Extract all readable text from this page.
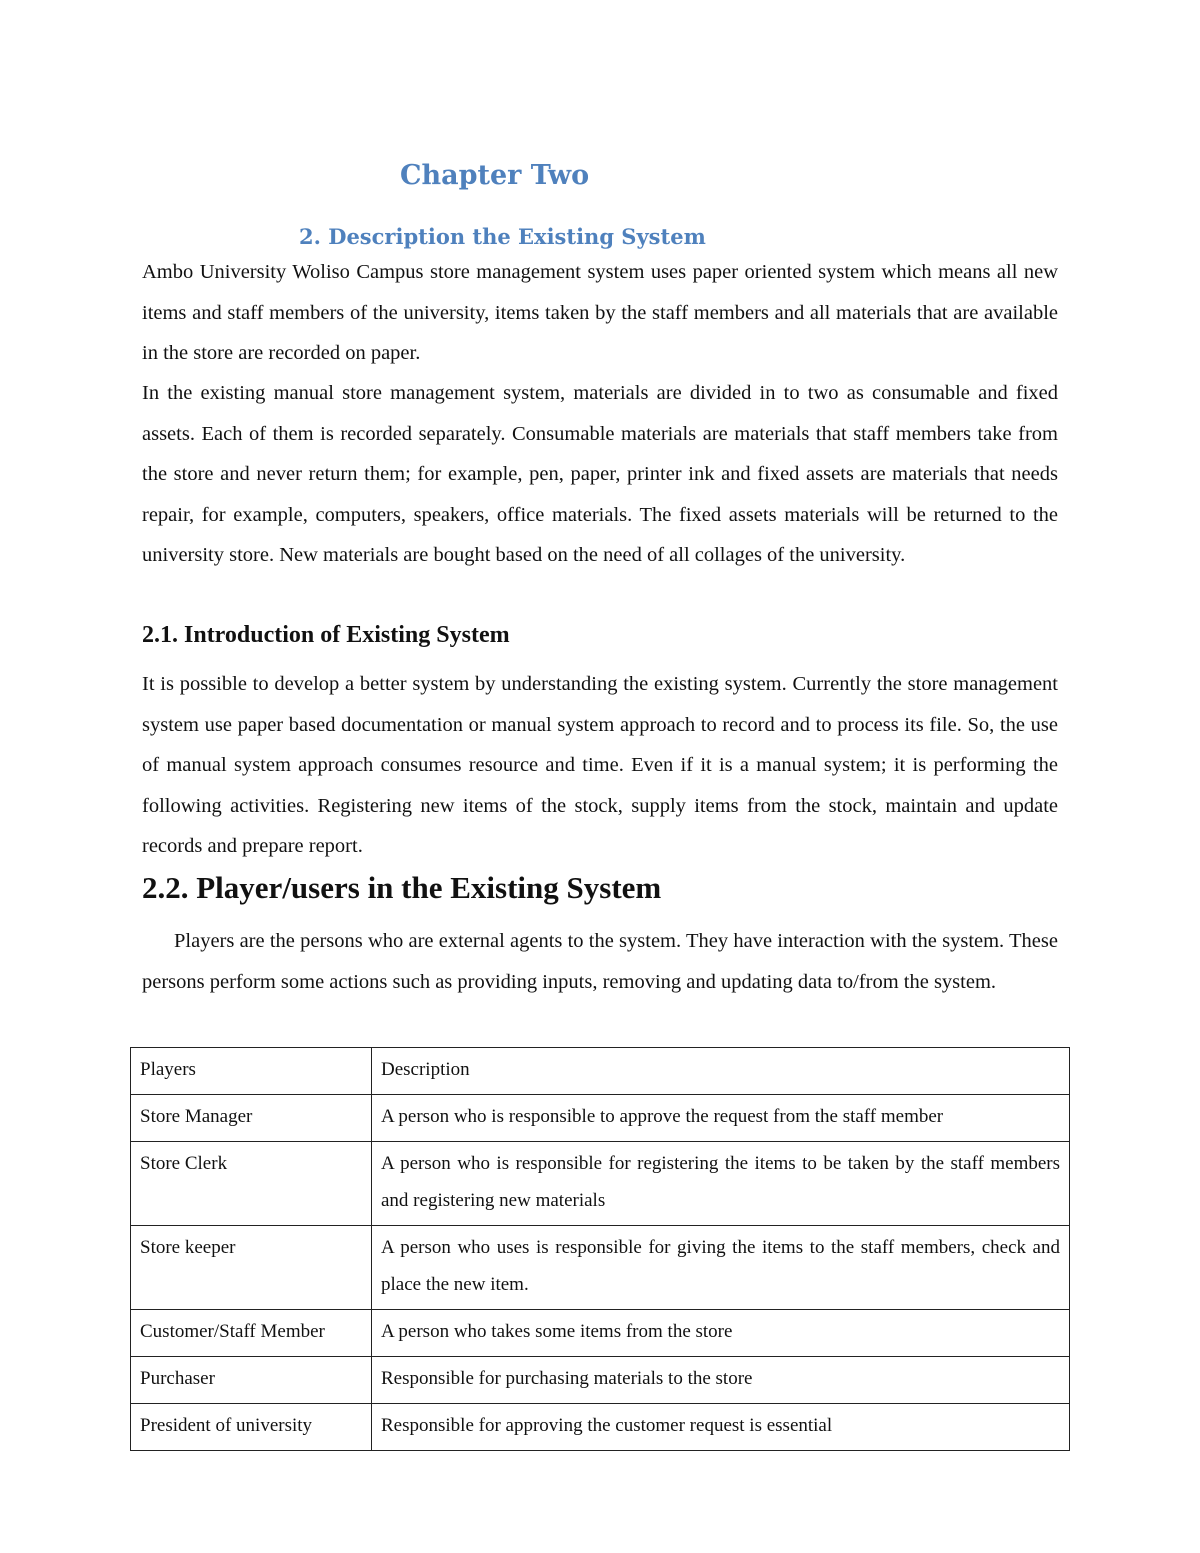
Chapter Two
2. Description the Existing System

Ambo University Woliso Campus store management system uses paper oriented system which means all new items and staff members of the university, items taken by the staff members and all materials that are available in the store are recorded on paper.

In the existing manual store management system, materials are divided in to two as consumable and fixed assets. Each of them is recorded separately. Consumable materials are materials that staff members take from the store and never return them; for example, pen, paper, printer ink and fixed assets are materials that needs repair, for example, computers, speakers, office materials. The fixed assets materials will be returned to the university store. New materials are bought based on the need of all collages of the university.

2.1. Introduction of Existing System

It is possible to develop a better system by understanding the existing system. Currently the store management system use paper based documentation or manual system approach to record and to process its file. So, the use of manual system approach consumes resource and time. Even if it is a manual system; it is performing the following activities. Registering new items of the stock, supply items from the stock, maintain and update records and prepare report.

2.2. Player/users in the Existing System

Players are the persons who are external agents to the system. They have interaction with the system. These persons perform some actions such as providing inputs, removing and updating data to/from the system.

Players	Description
Store Manager	A person who is responsible to approve the request from the staff member
Store Clerk	A person who is responsible for registering the items to be taken by the staff members and registering new materials
Store keeper	A person who uses is responsible for giving the items to the staff members, check and place the new item.
Customer/Staff Member	A person who takes some items from the store
Purchaser	Responsible for purchasing materials to the store
President of university	Responsible for approving the customer request is essential
